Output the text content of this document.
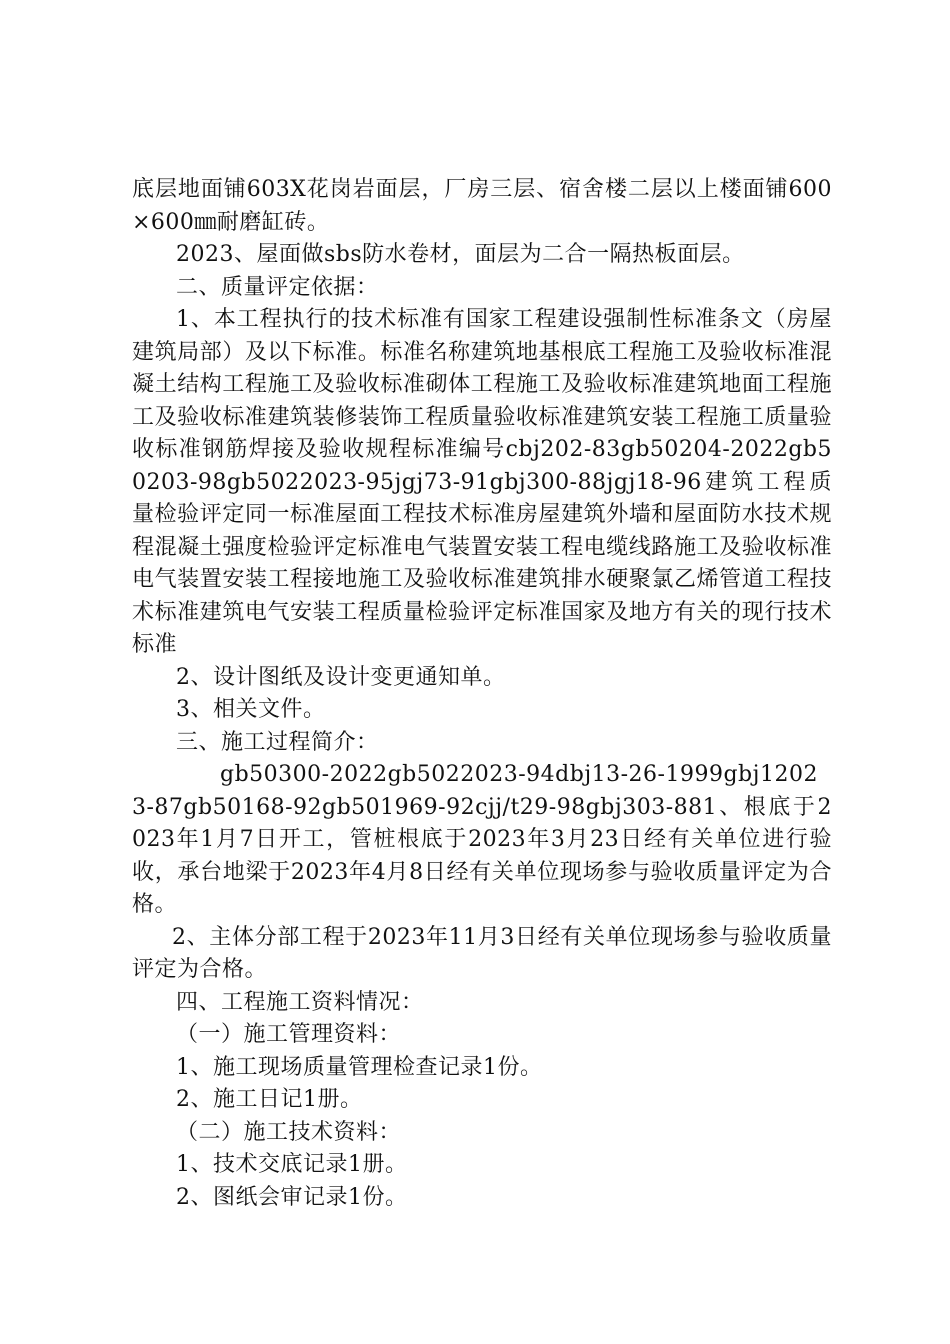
底层地面铺603X花岗岩面层，厂房三层、宿舍楼二层以上楼面铺600×600㎜耐磨缸砖。

2023、屋面做sbs防水卷材，面层为二合一隔热板面层。

二、质量评定依据：

1、本工程执行的技术标准有国家工程建设强制性标准条文（房屋建筑局部）及以下标准。标准名称建筑地基根底工程施工及验收标准混凝土结构工程施工及验收标准砌体工程施工及验收标准建筑地面工程施工及验收标准建筑装修装饰工程质量验收标准建筑安装工程施工质量验收标准钢筋焊接及验收规程标准编号cbj202-83gb50204-2022gb50203-98gb5022023-95jgj73-91gbj300-88jgj18-96建筑工程质量检验评定同一标准屋面工程技术标准房屋建筑外墙和屋面防水技术规程混凝土强度检验评定标准电气装置安装工程电缆线路施工及验收标准电气装置安装工程接地施工及验收标准建筑排水硬聚氯乙烯管道工程技术标准建筑电气安装工程质量检验评定标准国家及地方有关的现行技术标准

2、设计图纸及设计变更通知单。

3、相关文件。

三、施工过程简介：

gb50300-2022gb5022023-94dbj13-26-1999gbj12023-87gb50168-92gb501969-92cjj/t29-98gbj303-881、根底于2023年1月7日开工，管桩根底于2023年3月23日经有关单位进行验收，承台地梁于2023年4月8日经有关单位现场参与验收质量评定为合格。

2、主体分部工程于2023年11月3日经有关单位现场参与验收质量评定为合格。

四、工程施工资料情况：

（一）施工管理资料：

1、施工现场质量管理检查记录1份。

2、施工日记1册。

（二）施工技术资料：

1、技术交底记录1册。

2、图纸会审记录1份。
